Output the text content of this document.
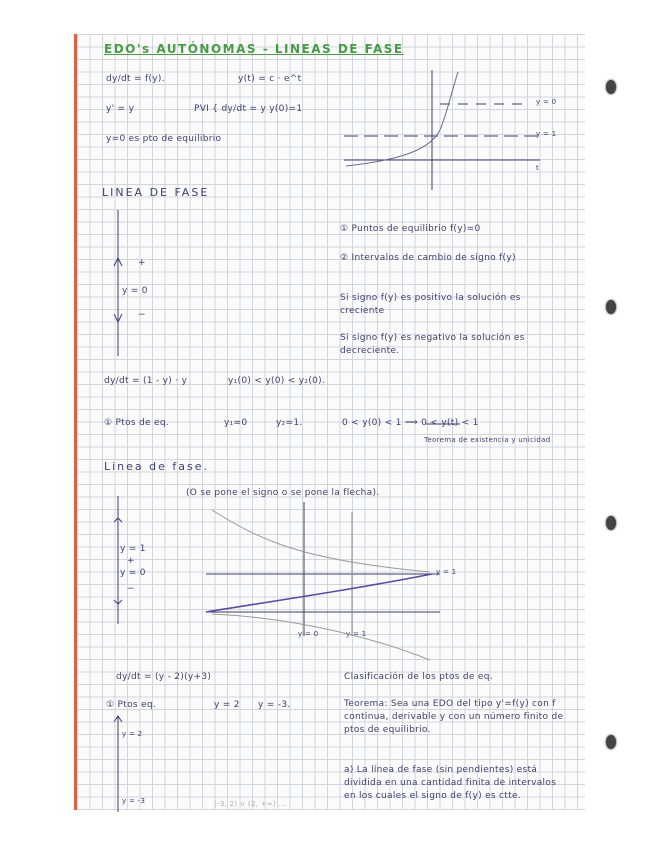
EDO's AUTÓNOMAS - LINEAS DE FASE
dy/dt = f(y).	y(t) = c · e^t
y' = y	PVI { dy/dt = y y(0)=1
y=0 es pto de equilibrio
y = 0
y = 1
t
LINEA DE FASE
+
y = 0
−
① Puntos de equilibrio f(y)=0
② Intervalos de cambio de signo f(y)
Si signo f(y) es positivo la solución es creciente
Si signo f(y) es negativo la solución es decreciente.
dy/dt = (1 - y) · y	y₁(0) < y(0) < y₂(0).
① Ptos de eq.	y₁=0	y₂=1.	0 < y(0) < 1 ⟹ 0 < y(t) < 1
Teorema de existencia y unicidad
Linea de fase.
(O se pone el signo o se pone la flecha).
y = 1
+
y = 0
−
y = 1
y = 0	y = 1
dy/dt = (y - 2)(y+3)
① Ptos eq.	y = 2 y = -3.
y = 2
y = -3	(-3, 2) ∪ (2, +∞) ...
Clasificación de los ptos de eq.
Teorema: Sea una EDO del tipo y'=f(y) con f continua, derivable y con un número finito de ptos de equilibrio.
a) La línea de fase (sin pendientes) está dividida en una cantidad finita de intervalos en los cuales el signo de f(y) es ctte.
